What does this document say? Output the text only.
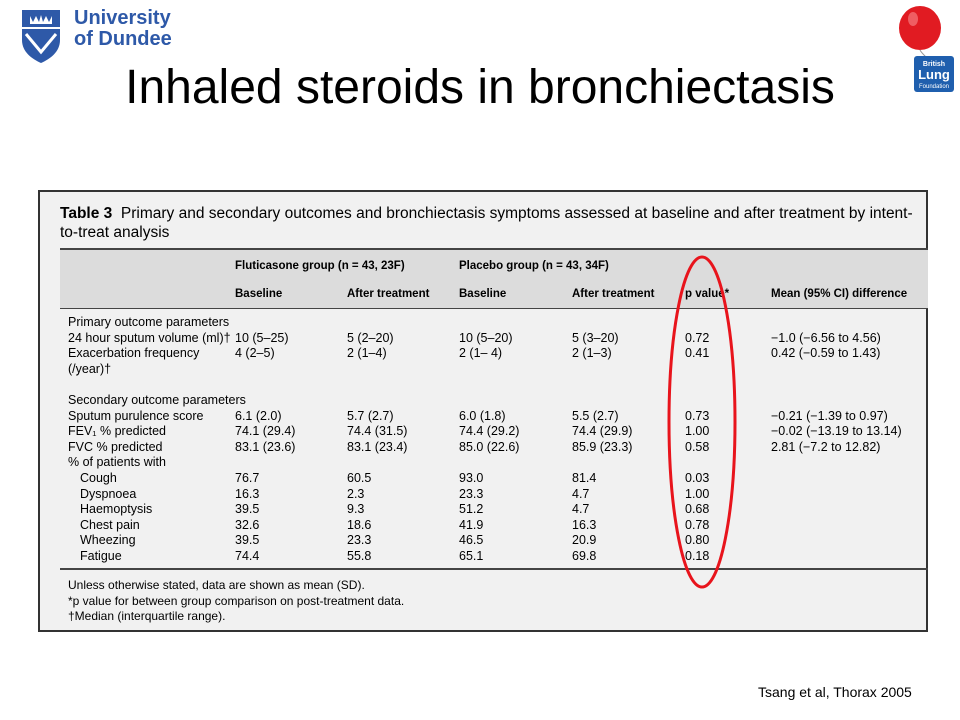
University
of Dundee
British
Lung
Foundation
Inhaled steroids in bronchiectasis
Table 3 Primary and secondary outcomes and bronchiectasis symptoms assessed at baseline and after treatment by intent-to-treat analysis
Fluticasone group (n = 43, 23F)	Placebo group (n = 43, 34F)
Baseline	After treatment	Baseline	After treatment	p value*	Mean (95% CI) difference
Primary outcome parameters
24 hour sputum volume (ml)† 10 (5–25)	5 (2–20)	10 (5–20)	5 (3–20)	0.72	−1.0 (−6.56 to 4.56)
Exacerbation frequency	4 (2–5)	2 (1–4)	2 (1– 4)	2 (1–3)	0.41	0.42 (−0.59 to 1.43)
(/year)†
Secondary outcome parameters
Sputum purulence score	6.1 (2.0)	5.7 (2.7)	6.0 (1.8)	5.5 (2.7)	0.73	−0.21 (−1.39 to 0.97)
FEV₁ % predicted	74.1 (29.4)	74.4 (31.5)	74.4 (29.2)	74.4 (29.9)	1.00	−0.02 (−13.19 to 13.14)
FVC % predicted	83.1 (23.6)	83.1 (23.4)	85.0 (22.6)	85.9 (23.3)	0.58	2.81 (−7.2 to 12.82)
% of patients with
Cough	76.7	60.5	93.0	81.4	0.03
Dyspnoea	16.3	2.3	23.3	4.7	1.00
Haemoptysis	39.5	9.3	51.2	4.7	0.68
Chest pain	32.6	18.6	41.9	16.3	0.78
Wheezing	39.5	23.3	46.5	20.9	0.80
Fatigue	74.4	55.8	65.1	69.8	0.18
Unless otherwise stated, data are shown as mean (SD).
*p value for between group comparison on post-treatment data.
†Median (interquartile range).
Tsang et al, Thorax 2005
